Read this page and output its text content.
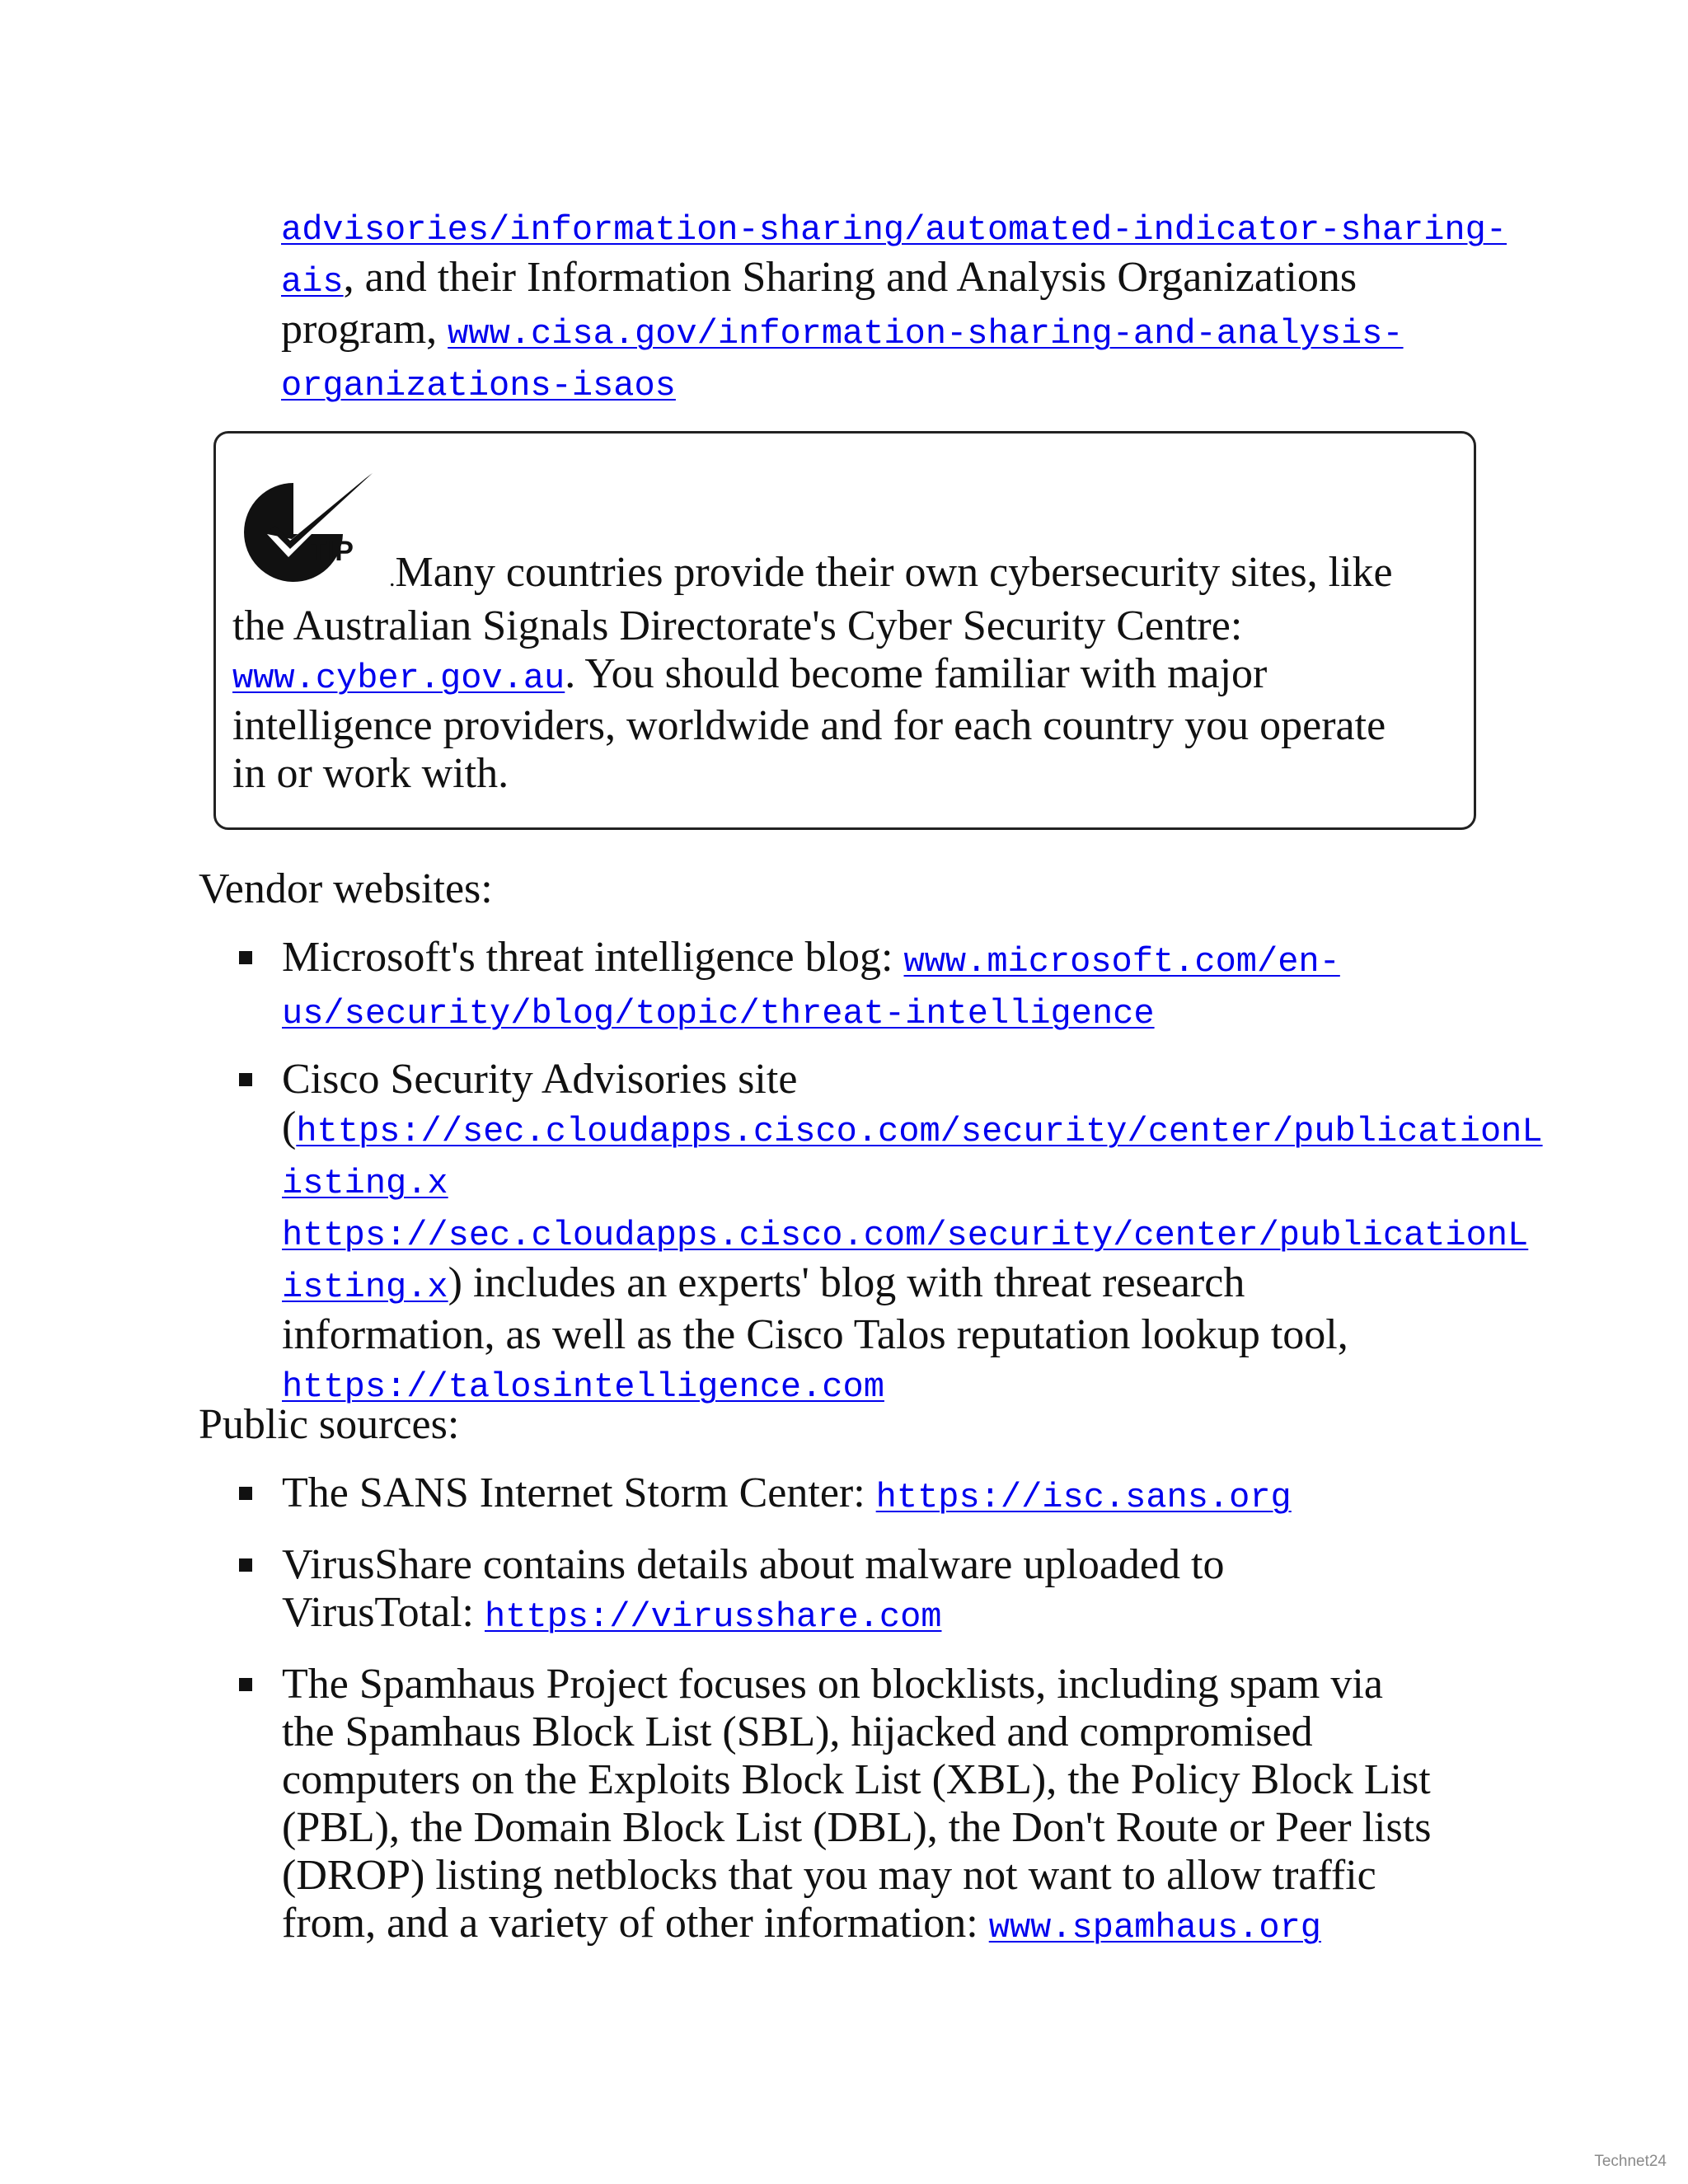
advisories/information-sharing/automated-indicator-sharing-
ais, and their Information Sharing and Analysis Organizations
program, www.cisa.gov/information-sharing-and-analysis-
organizations-isaos
TIP
.Many countries provide their own cybersecurity sites, like
the Australian Signals Directorate's Cyber Security Centre:
www.cyber.gov.au. You should become familiar with major
intelligence providers, worldwide and for each country you operate
in or work with.
Vendor websites:
Microsoft's threat intelligence blog: www.microsoft.com/en-
us/security/blog/topic/threat-intelligence
Cisco Security Advisories site
(https://sec.cloudapps.cisco.com/security/center/publicationL
isting.x
https://sec.cloudapps.cisco.com/security/center/publicationL
isting.x) includes an experts' blog with threat research
information, as well as the Cisco Talos reputation lookup tool,
https://talosintelligence.com
Public sources:
The SANS Internet Storm Center: https://isc.sans.org
VirusShare contains details about malware uploaded to
VirusTotal: https://virusshare.com
The Spamhaus Project focuses on blocklists, including spam via
the Spamhaus Block List (SBL), hijacked and compromised
computers on the Exploits Block List (XBL), the Policy Block List
(PBL), the Domain Block List (DBL), the Don't Route or Peer lists
(DROP) listing netblocks that you may not want to allow traffic
from, and a variety of other information: www.spamhaus.org
Technet24
